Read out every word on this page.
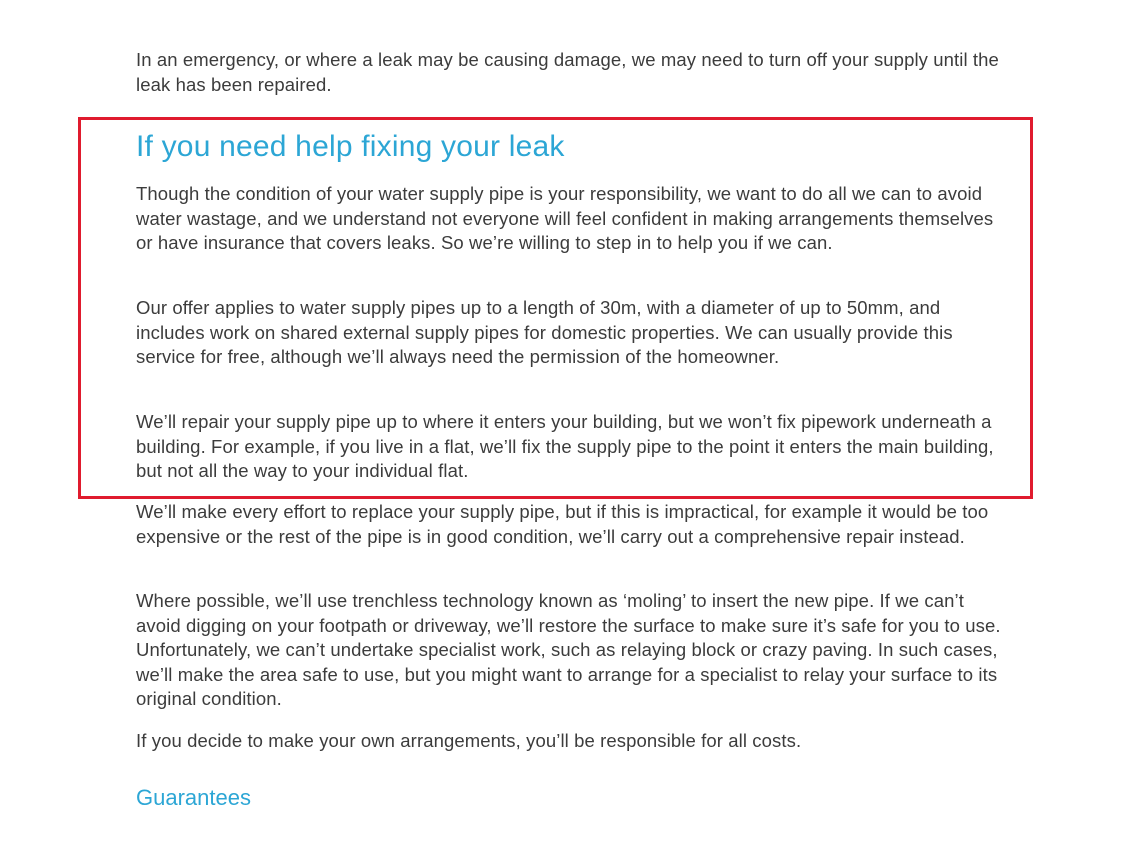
In an emergency, or where a leak may be causing damage, we may need to turn off your supply until the leak has been repaired.

If you need help fixing your leak

Though the condition of your water supply pipe is your responsibility, we want to do all we can to avoid water wastage, and we understand not everyone will feel confident in making arrangements themselves or have insurance that covers leaks. So we’re willing to step in to help you if we can.

Our offer applies to water supply pipes up to a length of 30m, with a diameter of up to 50mm, and includes work on shared external supply pipes for domestic properties. We can usually provide this service for free, although we’ll always need the permission of the homeowner.

We’ll repair your supply pipe up to where it enters your building, but we won’t fix pipework underneath a building. For example, if you live in a flat, we’ll fix the supply pipe to the point it enters the main building, but not all the way to your individual flat.

We’ll make every effort to replace your supply pipe, but if this is impractical, for example it would be too expensive or the rest of the pipe is in good condition, we’ll carry out a comprehensive repair instead.

Where possible, we’ll use trenchless technology known as ‘moling’ to insert the new pipe. If we can’t avoid digging on your footpath or driveway, we’ll restore the surface to make sure it’s safe for you to use. Unfortunately, we can’t undertake specialist work, such as relaying block or crazy paving. In such cases, we’ll make the area safe to use, but you might want to arrange for a specialist to relay your surface to its original condition.

If you decide to make your own arrangements, you’ll be responsible for all costs.

Guarantees
